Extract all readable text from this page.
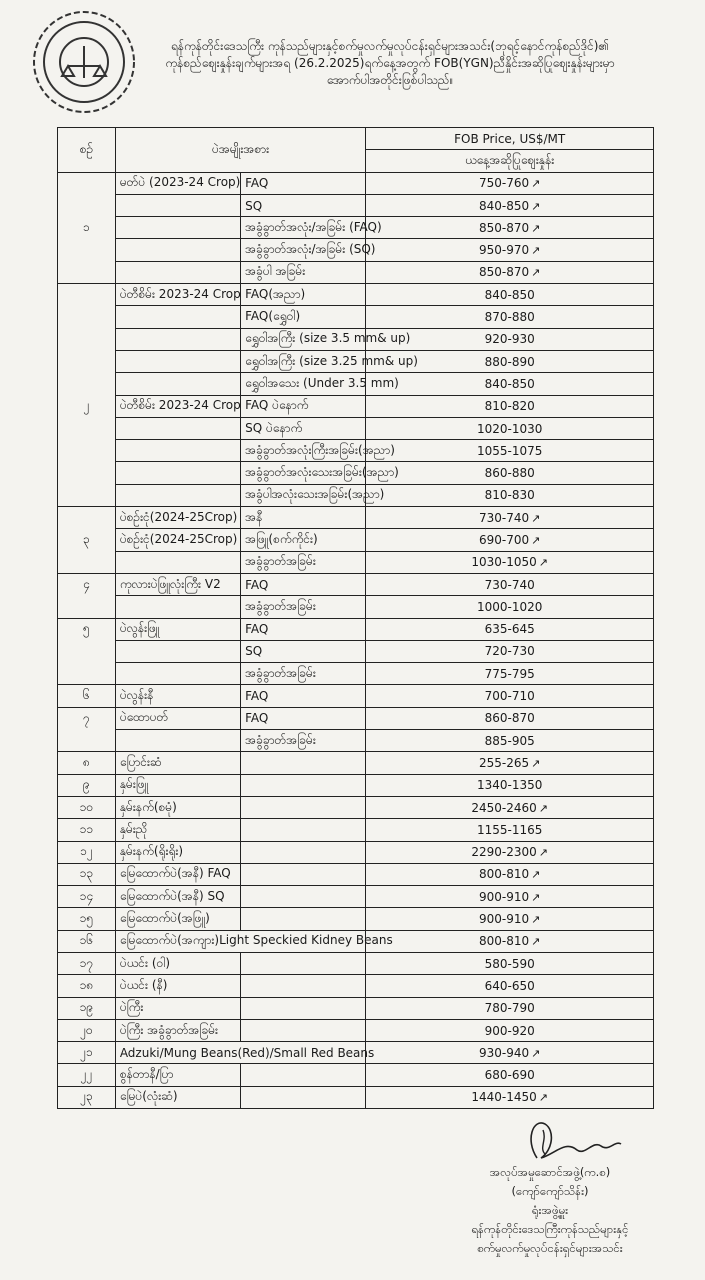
ရန်ကုန်တိုင်းဒေသကြီး ကုန်သည်များနှင့်စက်မှုလက်မှုလုပ်ငန်းရှင်များအသင်း(ဘုရင့်နောင်ကုန်စည်ဒိုင်)၏
ကုန်စည်ဈေးနှုန်းချက်များအရ (26.2.2025)ရက်နေ့အတွက် FOB(YGN)ညီနှိုင်းအဆိုပြုဈေးနှုန်းများမှာ
အောက်ပါအတိုင်းဖြစ်ပါသည်။
စဉ်	ပဲအမျိုးအစား		FOB Price, US$/MT
			ယနေ့အဆိုပြုဈေးနှုန်း
	မတ်ပဲ (2023-24 Crop)	FAQ	750-760 ↗
		SQ	840-850 ↗
၁		အခွံခွာတ်အလုံး/အခြမ်း (FAQ)	850-870 ↗
		အခွံခွာတ်အလုံး/အခြမ်း (SQ)	950-970 ↗
		အခွံပါ အခြမ်း	850-870 ↗
	ပဲတီစိမ်း 2023-24 Crop	FAQ(အညာ)	840-850
		FAQ(ရွှေဝါ)	870-880
		ရွှေဝါအကြီး (size 3.5 mm& up)	920-930
		ရွှေဝါအကြီး (size 3.25 mm& up)	880-890
		ရွှေဝါအသေး (Under 3.5 mm)	840-850
၂	ပဲတီစိမ်း 2023-24 Crop	FAQ ပဲနောက်	810-820
		SQ ပဲနောက်	1020-1030
		အခွံခွာတ်အလုံးကြီးအခြမ်း(အညာ)	1055-1075
		အခွံခွာတ်အလုံးသေးအခြမ်း(အညာ)	860-880
		အခွံပါအလုံးသေးအခြမ်း(အညာ)	810-830
	ပဲစဉ်းငုံ(2024-25Crop)	အနီ	730-740 ↗
၃	ပဲစဉ်းငုံ(2024-25Crop)	အဖြူ(စက်ကိုင်း)	690-700 ↗
		အခွံခွာတ်အခြမ်း	1030-1050 ↗
၄	ကုလားပဲဖြူလုံးကြီး V2	FAQ	730-740
		အခွံခွာတ်အခြမ်း	1000-1020
၅	ပဲလွန်းဖြူ	FAQ	635-645
		SQ	720-730
		အခွံခွာတ်အခြမ်း	775-795
၆	ပဲလွန်းနီ	FAQ	700-710
၇	ပဲထောပတ်	FAQ	860-870
		အခွံခွာတ်အခြမ်း	885-905
၈	ပြောင်းဆံ		255-265 ↗
၉	နှမ်းဖြူ		1340-1350
၁၀	နှမ်းနက်(စမုံ)		2450-2460 ↗
၁၁	နှမ်းညို		1155-1165
၁၂	နှမ်းနက်(ရိုးရိုး)		2290-2300 ↗
၁၃	မြေထောက်ပဲ(အနီ) FAQ		800-810 ↗
၁၄	မြေထောက်ပဲ(အနီ) SQ		900-910 ↗
၁၅	မြေထောက်ပဲ(အဖြူ)		900-910 ↗
၁၆	မြေထောက်ပဲ(အကျား)Light Speckied Kidney Beans		800-810 ↗
၁၇	ပဲယင်း (ဝါ)		580-590
၁၈	ပဲယင်း (နီ)		640-650
၁၉	ပဲကြီး		780-790
၂၀	ပဲကြီး အခွံခွာတ်အခြမ်း		900-920
၂၁	Adzuki/Mung Beans(Red)/Small Red Beans		930-940 ↗
၂၂	စွန်တာနီ/ပြာ		680-690
၂၃	မြေပဲ(လုံးဆံ)		1440-1450 ↗
အလုပ်အမှုဆောင်အဖွဲ့(က.စ)
(ကျော်ကျော်သိန်း)
ရုံးအဖွဲ့မှူး
ရန်ကုန်တိုင်းဒေသကြီးကုန်သည်များနှင့်
စက်မှုလက်မှုလုပ်ငန်းရှင်များအသင်း
